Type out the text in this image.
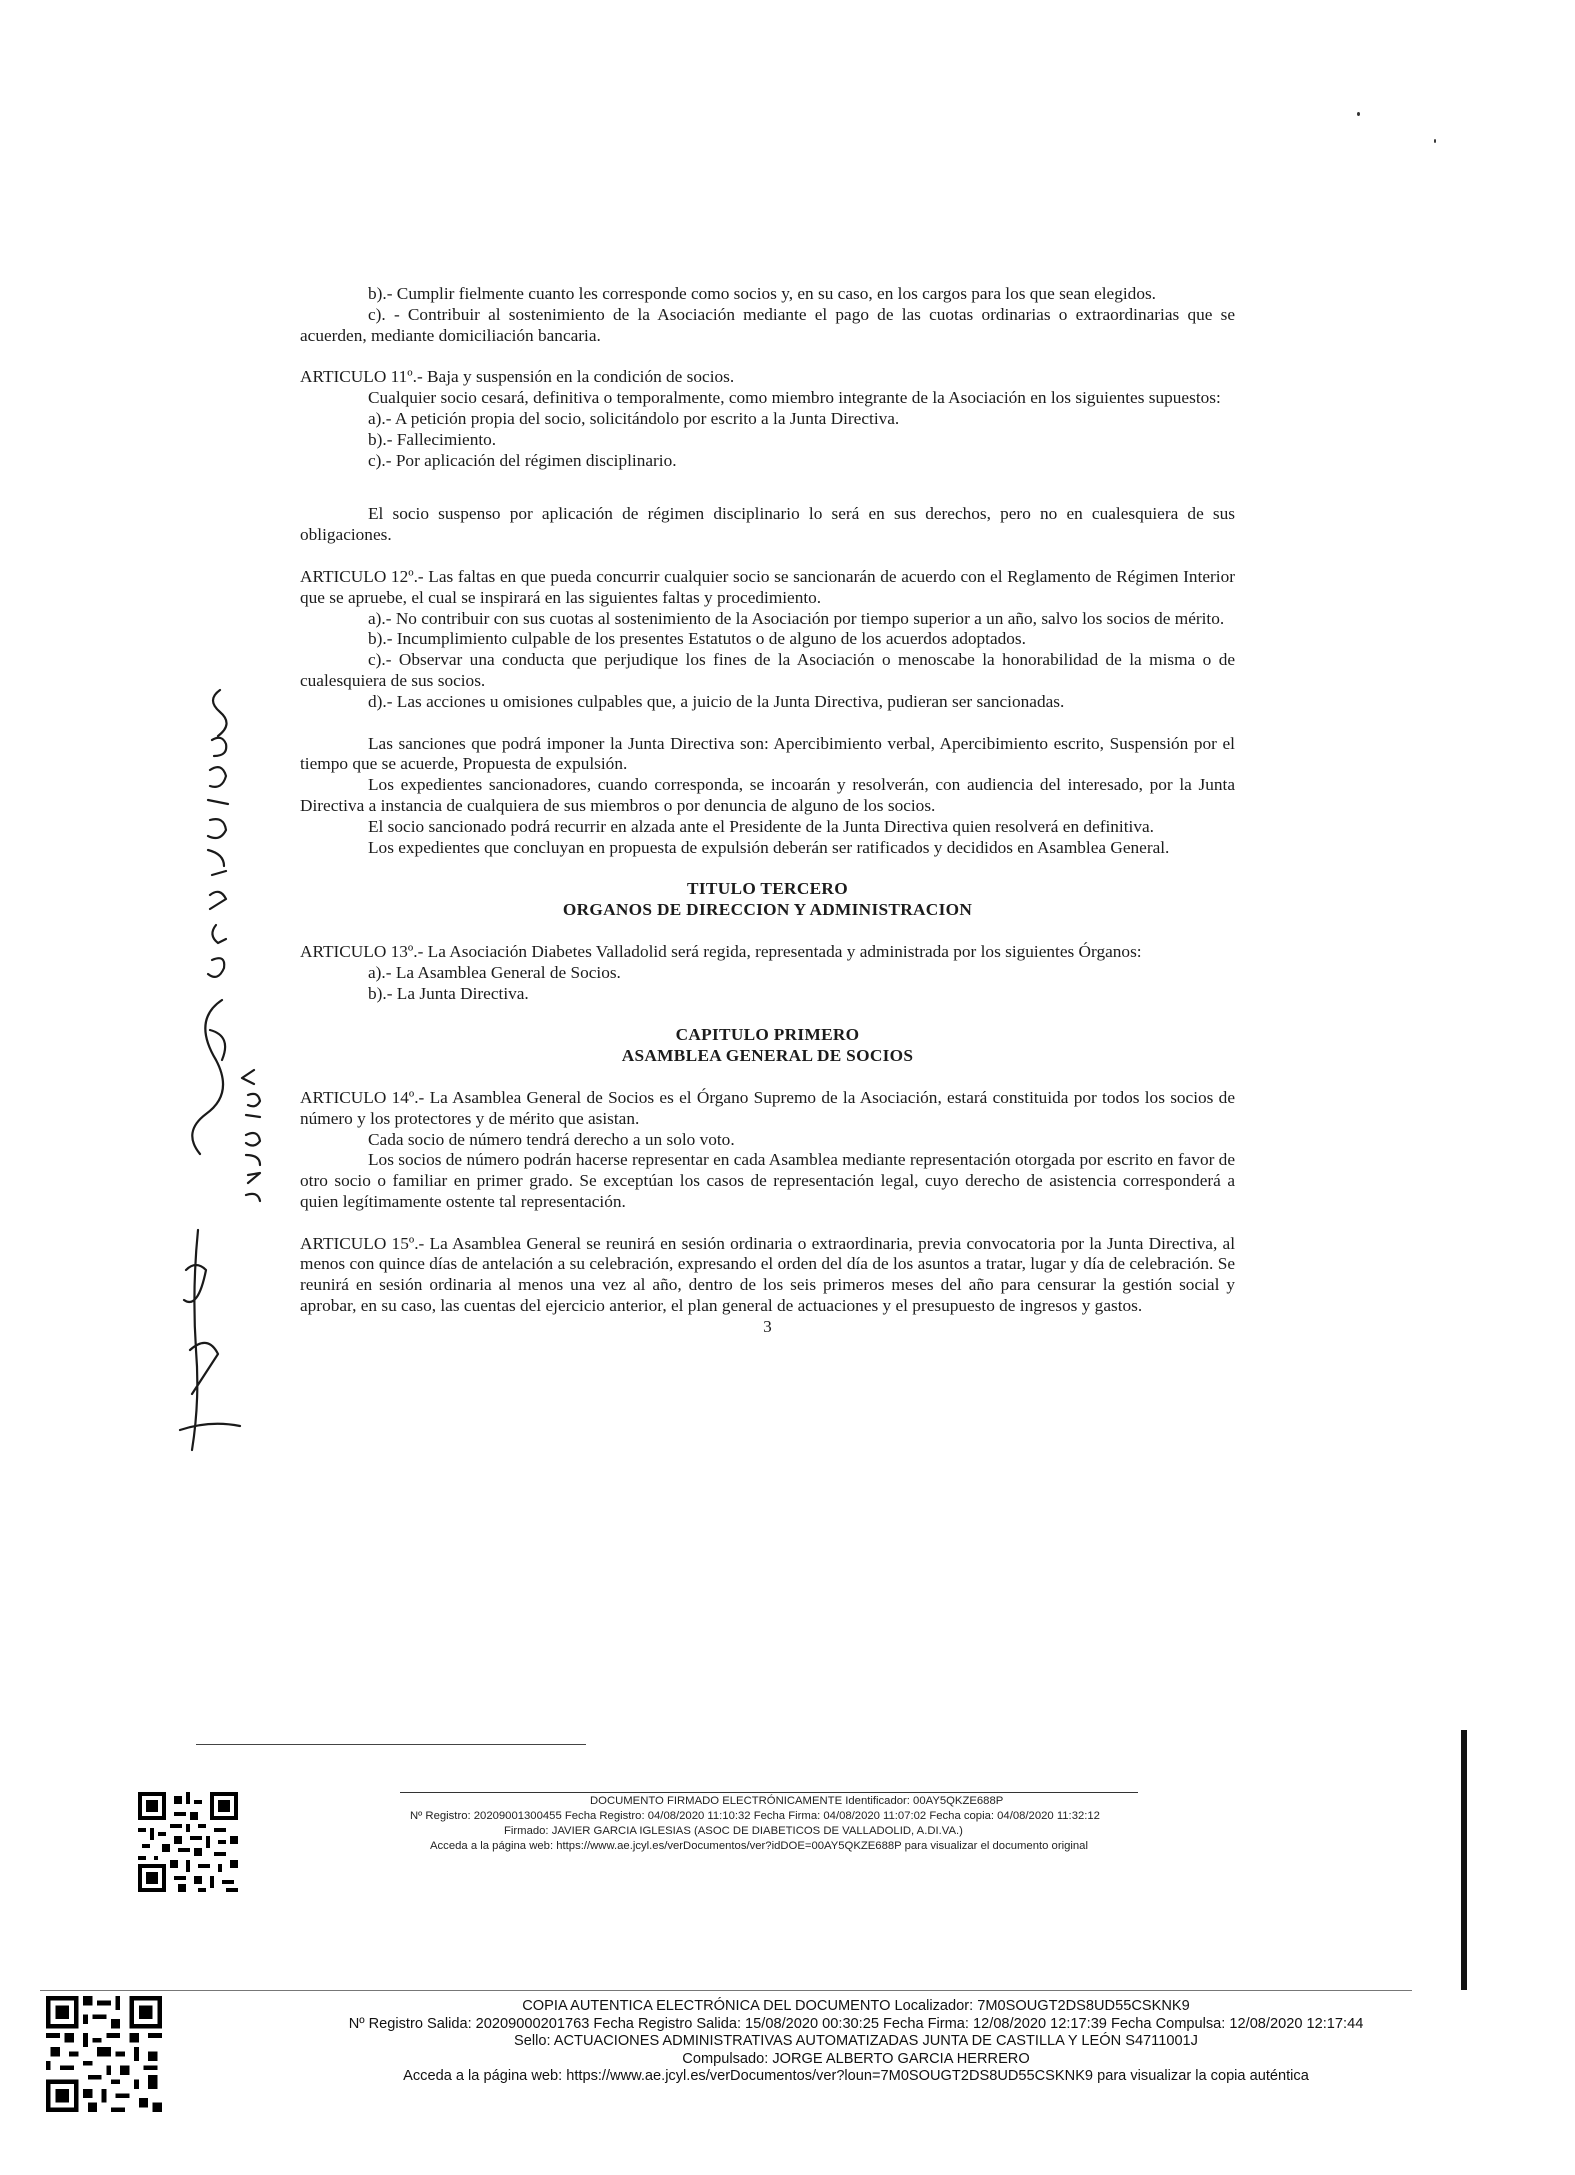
b).- Cumplir fielmente cuanto les corresponde como socios y, en su caso, en los cargos para los que sean elegidos.

c). - Contribuir al sostenimiento de la Asociación mediante el pago de las cuotas ordinarias o extraordinarias que se acuerden, mediante domiciliación bancaria.

ARTICULO 11º.- Baja y suspensión en la condición de socios.

Cualquier socio cesará, definitiva o temporalmente, como miembro integrante de la Asociación en los siguientes supuestos:

a).- A petición propia del socio, solicitándolo por escrito a la Junta Directiva.

b).- Fallecimiento.

c).- Por aplicación del régimen disciplinario.

El socio suspenso por aplicación de régimen disciplinario lo será en sus derechos, pero no en cualesquiera de sus obligaciones.

ARTICULO 12º.- Las faltas en que pueda concurrir cualquier socio se sancionarán de acuerdo con el Reglamento de Régimen Interior que se apruebe, el cual se inspirará en las siguientes faltas y procedimiento.

a).- No contribuir con sus cuotas al sostenimiento de la Asociación por tiempo superior a un año, salvo los socios de mérito.

b).- Incumplimiento culpable de los presentes Estatutos o de alguno de los acuerdos adoptados.

c).- Observar una conducta que perjudique los fines de la Asociación o menoscabe la honorabilidad de la misma o de cualesquiera de sus socios.

d).- Las acciones u omisiones culpables que, a juicio de la Junta Directiva, pudieran ser sancionadas.

Las sanciones que podrá imponer la Junta Directiva son: Apercibimiento verbal, Apercibimiento escrito, Suspensión por el tiempo que se acuerde, Propuesta de expulsión.

Los expedientes sancionadores, cuando corresponda, se incoarán y resolverán, con audiencia del interesado, por la Junta Directiva a instancia de cualquiera de sus miembros o por denuncia de alguno de los socios.

El socio sancionado podrá recurrir en alzada ante el Presidente de la Junta Directiva quien resolverá en definitiva.

Los expedientes que concluyan en propuesta de expulsión deberán ser ratificados y decididos en Asamblea General.

TITULO TERCERO

ORGANOS DE DIRECCION Y ADMINISTRACION

ARTICULO 13º.- La Asociación Diabetes Valladolid será regida, representada y administrada por los siguientes Órganos:

a).- La Asamblea General de Socios.

b).- La Junta Directiva.

CAPITULO PRIMERO

ASAMBLEA GENERAL DE SOCIOS

ARTICULO 14º.- La Asamblea General de Socios es el Órgano Supremo de la Asociación, estará constituida por todos los socios de número y los protectores y de mérito que asistan.

Cada socio de número tendrá derecho a un solo voto.

Los socios de número podrán hacerse representar en cada Asamblea mediante representación otorgada por escrito en favor de otro socio o familiar en primer grado. Se exceptúan los casos de representación legal, cuyo derecho de asistencia corresponderá a quien legítimamente ostente tal representación.

ARTICULO 15º.- La Asamblea General se reunirá en sesión ordinaria o extraordinaria, previa convocatoria por la Junta Directiva, al menos con quince días de antelación a su celebración, expresando el orden del día de los asuntos a tratar, lugar y día de celebración. Se reunirá en sesión ordinaria al menos una vez al año, dentro de los seis primeros meses del año para censurar la gestión social y aprobar, en su caso, las cuentas del ejercicio anterior, el plan general de actuaciones y el presupuesto de ingresos y gastos.

3

DOCUMENTO FIRMADO ELECTRÓNICAMENTE Identificador: 00AY5QKZE688P
Nº Registro: 20209001300455 Fecha Registro: 04/08/2020 11:10:32 Fecha Firma: 04/08/2020 11:07:02 Fecha copia: 04/08/2020 11:32:12
Firmado: JAVIER GARCIA IGLESIAS (ASOC DE DIABETICOS DE VALLADOLID, A.DI.VA.)
Acceda a la página web: https://www.ae.jcyl.es/verDocumentos/ver?idDOE=00AY5QKZE688P para visualizar el documento original

COPIA AUTENTICA ELECTRÓNICA DEL DOCUMENTO Localizador: 7M0SOUGT2DS8UD55CSKNK9

Nº Registro Salida: 20209000201763 Fecha Registro Salida: 15/08/2020 00:30:25 Fecha Firma: 12/08/2020 12:17:39 Fecha Compulsa: 12/08/2020 12:17:44

Sello: ACTUACIONES ADMINISTRATIVAS AUTOMATIZADAS JUNTA DE CASTILLA Y LEÓN S4711001J

Compulsado: JORGE ALBERTO GARCIA HERRERO

Acceda a la página web: https://www.ae.jcyl.es/verDocumentos/ver?loun=7M0SOUGT2DS8UD55CSKNK9 para visualizar la copia auténtica
